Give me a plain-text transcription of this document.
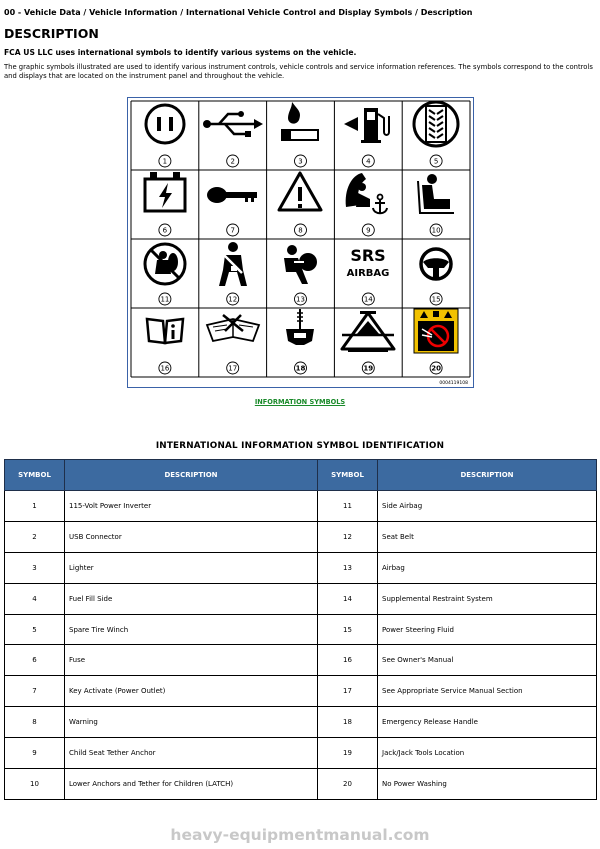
00 - Vehicle Data / Vehicle Information / International Vehicle Control and Display Symbols / Description
DESCRIPTION
FCA US LLC uses international symbols to identify various systems on the vehicle.
The graphic symbols illustrated are used to identify various instrument controls, vehicle controls and service information references. The symbols correspond to the controls and displays that are located on the instrument panel and throughout the vehicle.
SRS
AIRBAG
1	2	3	4	5
6	7	8	9	10
11	12	13	14	15
16	17	18	19	20
0004119108
INFORMATION SYMBOLS
INTERNATIONAL INFORMATION SYMBOL IDENTIFICATION
SYMBOL	DESCRIPTION	SYMBOL	DESCRIPTION
1	115-Volt Power Inverter	11	Side Airbag
2	USB Connector	12	Seat Belt
3	Lighter	13	Airbag
4	Fuel Fill Side	14	Supplemental Restraint System
5	Spare Tire Winch	15	Power Steering Fluid
6	Fuse	16	See Owner's Manual
7	Key Activate (Power Outlet)	17	See Appropriate Service Manual Section
8	Warning	18	Emergency Release Handle
9	Child Seat Tether Anchor	19	Jack/Jack Tools Location
10	Lower Anchors and Tether for Children (LATCH)	20	No Power Washing
heavy-equipmentmanual.com
